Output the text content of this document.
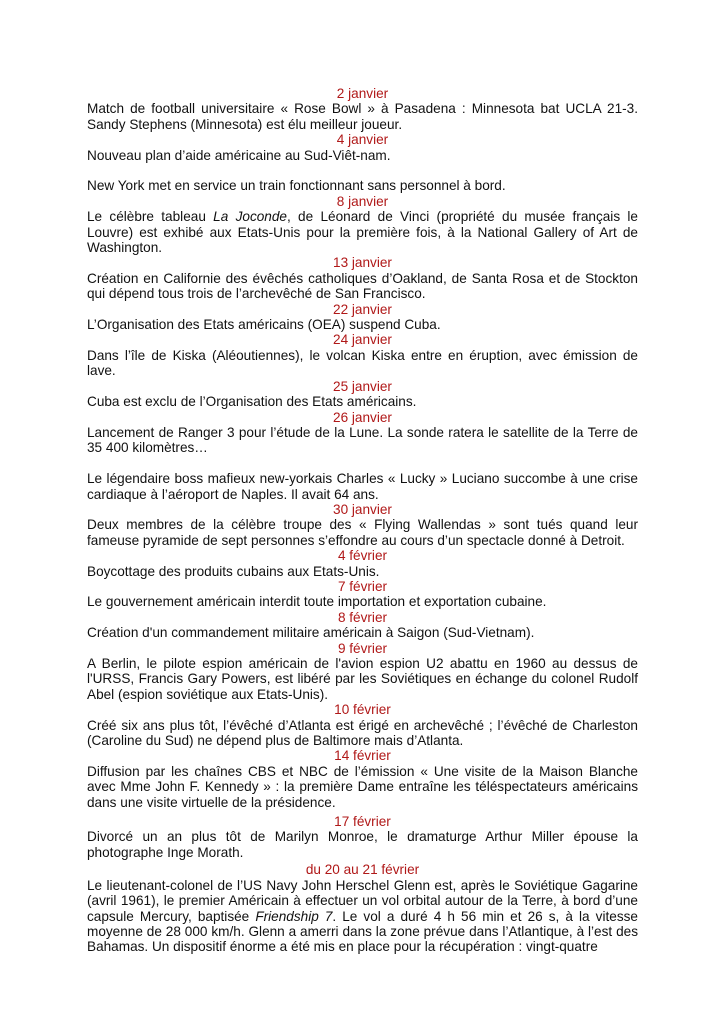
2 janvier

Match de football universitaire « Rose Bowl » à Pasadena : Minnesota bat UCLA 21-3. Sandy Stephens (Minnesota) est élu meilleur joueur.

4 janvier

Nouveau plan d’aide américaine au Sud-Viêt-nam.

New York met en service un train fonctionnant sans personnel à bord.

8 janvier

Le célèbre tableau La Joconde, de Léonard de Vinci (propriété du musée français le Louvre) est exhibé aux Etats-Unis pour la première fois, à la National Gallery of Art de Washington.

13 janvier

Création en Californie des évêchés catholiques d’Oakland, de Santa Rosa et de Stockton qui dépend tous trois de l’archevêché de San Francisco.

22 janvier

L’Organisation des Etats américains (OEA) suspend Cuba.

24 janvier

Dans l’île de Kiska (Aléoutiennes), le volcan Kiska entre en éruption, avec émission de lave.

25 janvier

Cuba est exclu de l’Organisation des Etats américains.

26 janvier

Lancement de Ranger 3 pour l’étude de la Lune. La sonde ratera le satellite de la Terre de 35 400 kilomètres…

Le légendaire boss mafieux new-yorkais Charles « Lucky » Luciano succombe à une crise cardiaque à l’aéroport de Naples. Il avait 64 ans.

30 janvier

Deux membres de la célèbre troupe des « Flying Wallendas » sont tués quand leur fameuse pyramide de sept personnes s’effondre au cours d’un spectacle donné à Detroit.

4 février

Boycottage des produits cubains aux Etats-Unis.

7 février

Le gouvernement américain interdit toute importation et exportation cubaine.

8 février

Création d'un commandement militaire américain à Saigon (Sud-Vietnam).

9 février

A Berlin, le pilote espion américain de l'avion espion U2 abattu en 1960 au dessus de l'URSS, Francis Gary Powers, est libéré par les Soviétiques en échange du colonel Rudolf Abel (espion soviétique aux Etats-Unis).

10 février

Créé six ans plus tôt, l’évêché d’Atlanta est érigé en archevêché ; l’évêché de Charleston (Caroline du Sud) ne dépend plus de Baltimore mais d’Atlanta.

14 février

Diffusion par les chaînes CBS et NBC de l’émission « Une visite de la Maison Blanche avec Mme John F. Kennedy » : la première Dame entraîne les téléspectateurs américains dans une visite virtuelle de la présidence.

17 février

Divorcé un an plus tôt de Marilyn Monroe, le dramaturge Arthur Miller épouse la photographe Inge Morath.

du 20 au 21 février

Le lieutenant-colonel de l’US Navy John Herschel Glenn est, après le Soviétique Gagarine (avril 1961), le premier Américain à effectuer un vol orbital autour de la Terre, à bord d’une capsule Mercury, baptisée Friendship 7. Le vol a duré 4 h 56 min et 26 s, à la vitesse moyenne de 28 000 km/h. Glenn a amerri dans la zone prévue dans l’Atlantique, à l’est des Bahamas. Un dispositif énorme a été mis en place pour la récupération : vingt-quatre
